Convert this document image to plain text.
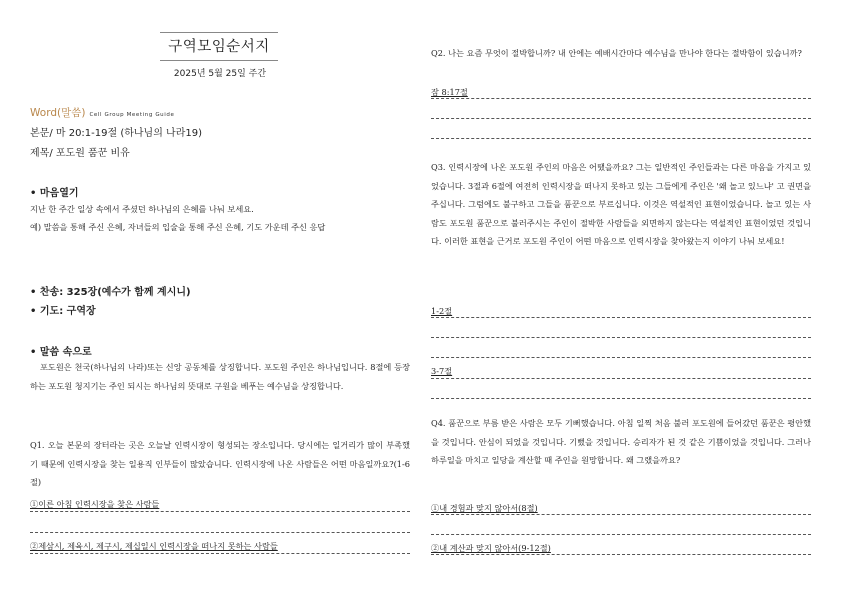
구역모임순서지
2025년 5월 25일 주간
Word(말씀) Cell Group Meeting Guide
본문/ 마 20:1-19절 (하나님의 나라19)
제목/ 포도원 품꾼 비유
• 마음열기
지난 한 주간 일상 속에서 주셨던 하나님의 은혜를 나눠 보세요.
예) 말씀을 통해 주신 은혜, 자녀들의 입술을 통해 주신 은혜, 기도 가운데 주신 응답
• 찬송: 325장(예수가 함께 계시니)
• 기도: 구역장
• 말씀 속으로
포도원은 천국(하나님의 나라)또는 신앙 공동체를 상징합니다. 포도원 주인은 하나님입니다. 8절에 등장하는 포도원 청지기는 주인 되시는 하나님의 뜻대로 구원을 베푸는 예수님을 상징합니다.
Q1. 오늘 본문의 장터라는 곳은 오늘날 인력시장이 형성되는 장소입니다. 당시에는 일거리가 많이 부족했기 때문에 인력시장을 찾는 일용직 인부들이 많았습니다. 인력시장에 나온 사람들은 어떤 마음일까요?(1-6절)
①이른 아침 인력시장을 찾은 사람들
②제삼시, 제육시, 제구시, 제십일시 인력시장을 떠나지 못하는 사람들
Q2. 나는 요즘 무엇이 절박합니까? 내 안에는 예배시간마다 예수님을 만나야 한다는 절박함이 있습니까?
잠 8:17절
Q3. 인력시장에 나온 포도원 주인의 마음은 어땠을까요? 그는 일반적인 주인들과는 다른 마음을 가지고 있었습니다. 3절과 6절에 여전히 인력시장을 떠나지 못하고 있는 그들에게 주인은 '왜 놀고 있느냐' 고 권면을 주십니다. 그럼에도 불구하고 그들을 품꾼으로 부르십니다. 이것은 역설적인 표현이었습니다. 놀고 있는 사람도 포도원 품꾼으로 불러주시는 주인이 절박한 사람들을 외면하지 않는다는 역설적인 표현이었던 것입니다. 이러한 표현을 근거로 포도원 주인이 어떤 마음으로 인력시장을 찾아왔는지 이야기 나눠 보세요!
1-2절
3-7절
Q4. 품꾼으로 부름 받은 사람은 모두 기뻐했습니다. 아침 일찍 처음 불러 포도원에 들어갔던 품꾼은 평안했을 것입니다. 안심이 되었을 것입니다. 기뻤을 것입니다. 승리자가 된 것 같은 기쁨이었을 것입니다. 그러나 하루일을 마치고 일당을 계산할 때 주인을 원망합니다. 왜 그랬을까요?
①내 경험과 맞지 않아서(8절)
②내 계산과 맞지 않아서(9-12절)
